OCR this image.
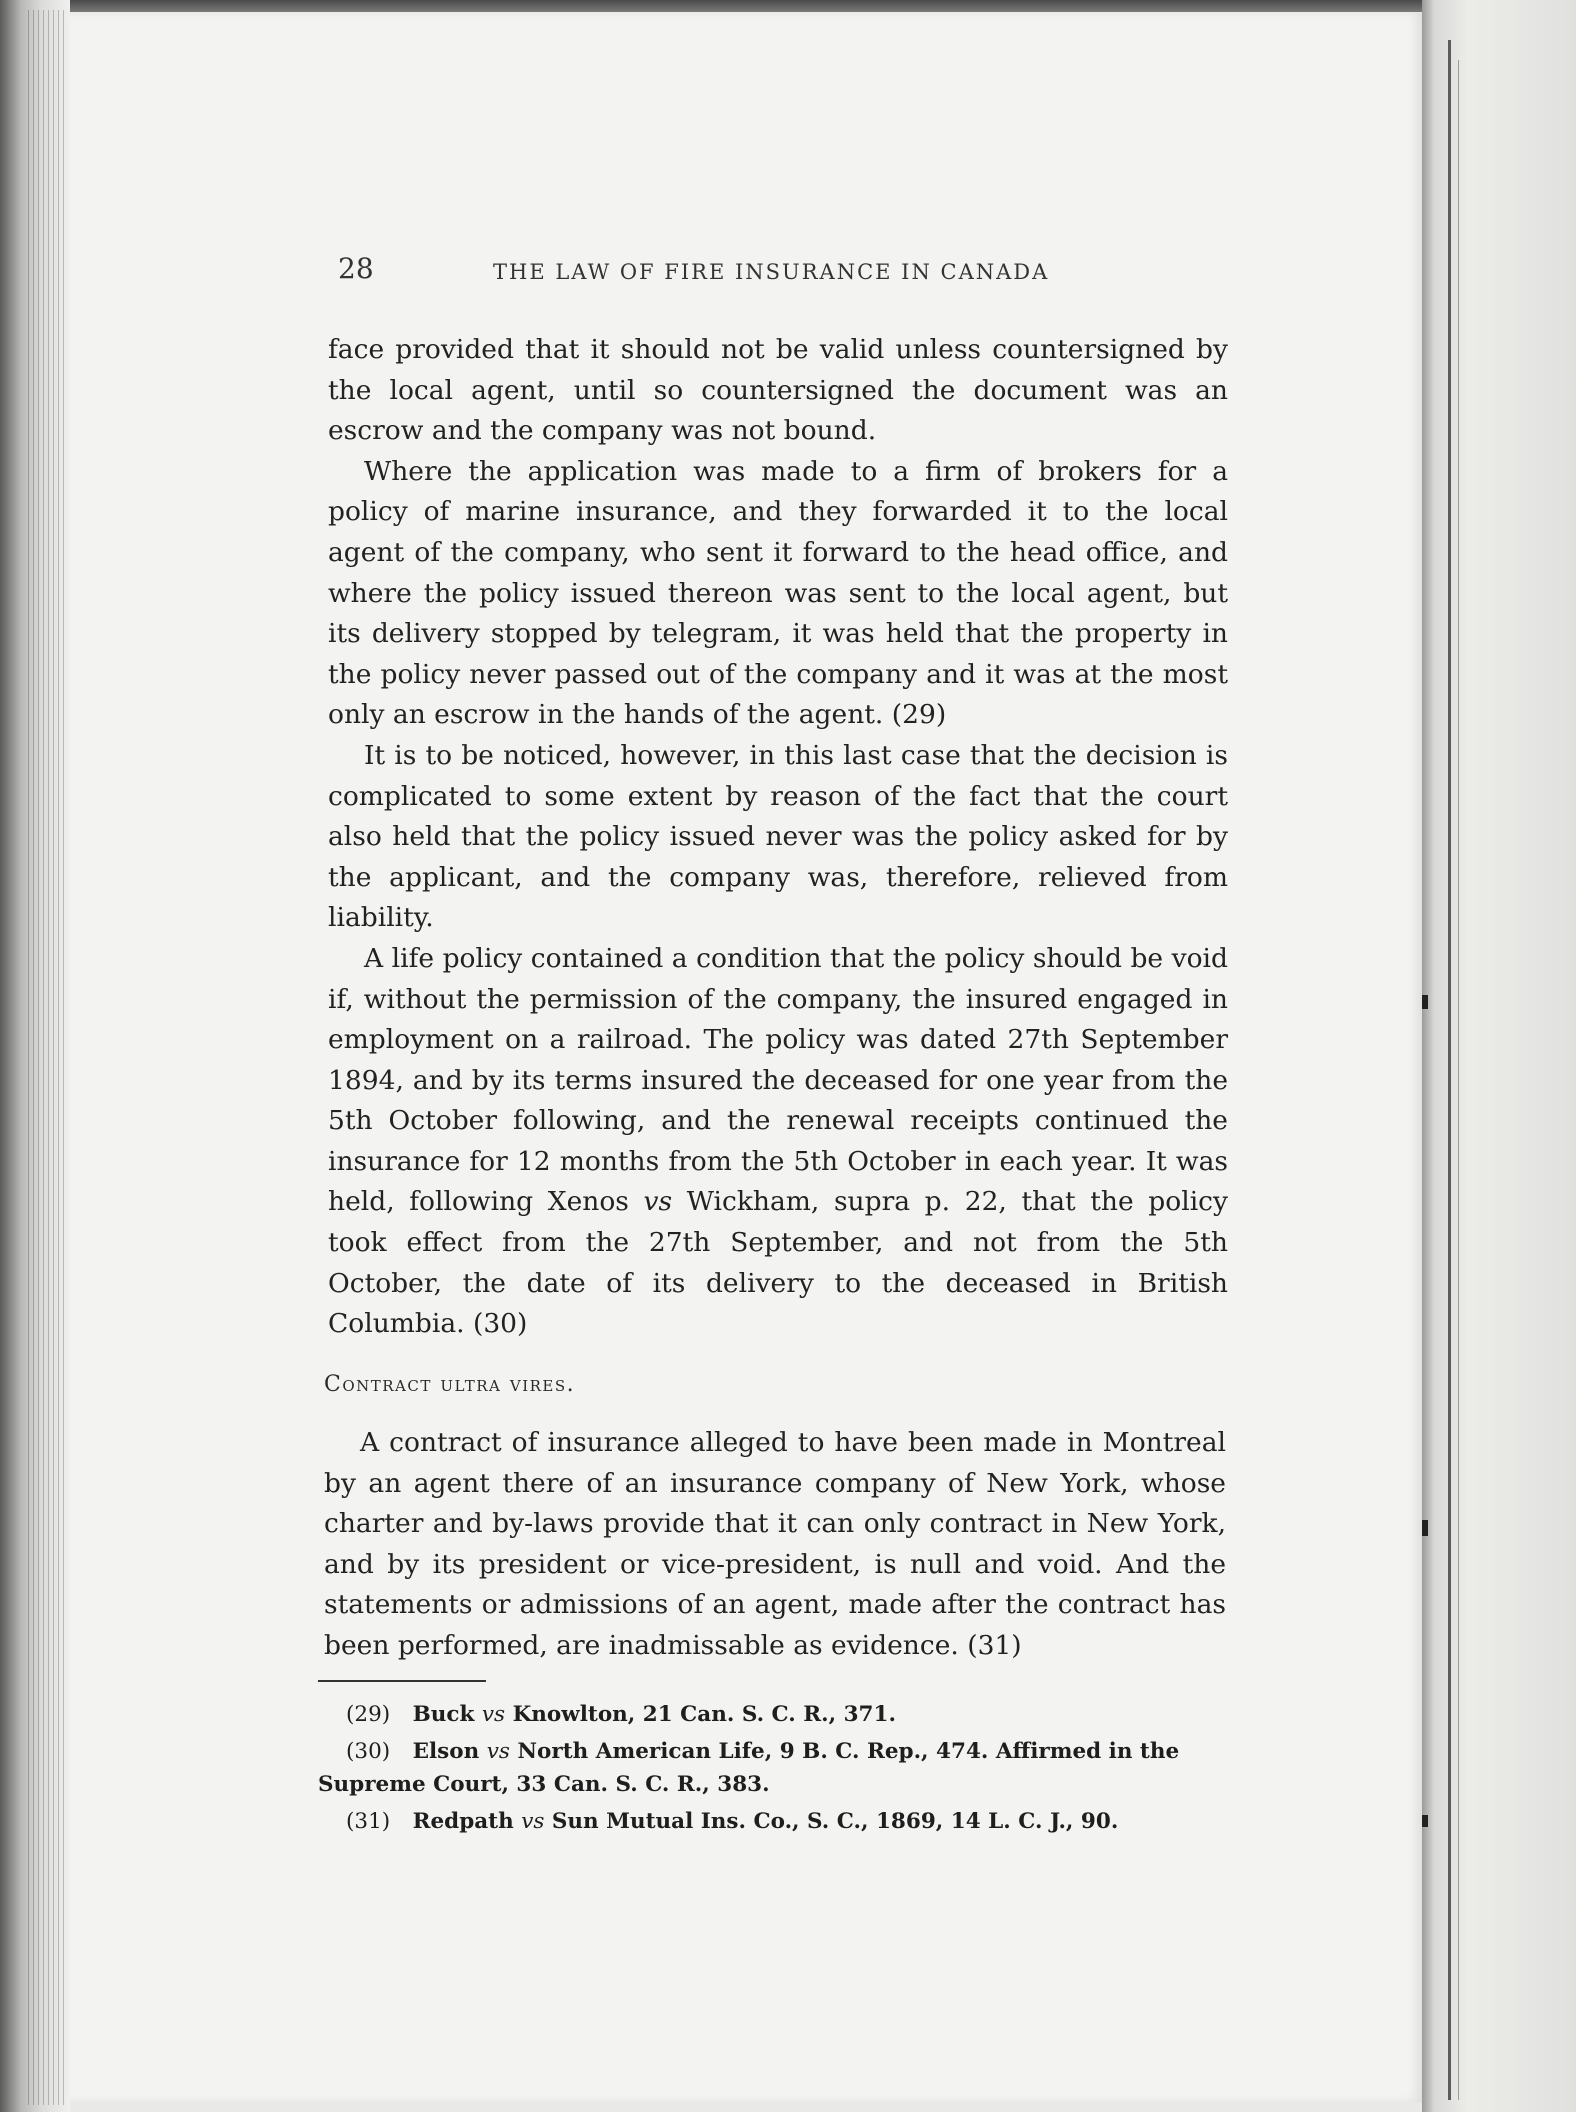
28	THE LAW OF FIRE INSURANCE IN CANADA

face provided that it should not be valid unless countersigned by the local agent, until so countersigned the document was an escrow and the company was not bound.

Where the application was made to a firm of brokers for a policy of marine insurance, and they forwarded it to the local agent of the company, who sent it forward to the head office, and where the policy issued thereon was sent to the local agent, but its delivery stopped by telegram, it was held that the property in the policy never passed out of the company and it was at the most only an escrow in the hands of the agent. (29)

It is to be noticed, however, in this last case that the decision is complicated to some extent by reason of the fact that the court also held that the policy issued never was the policy asked for by the applicant, and the company was, therefore, relieved from liability.

A life policy contained a condition that the policy should be void if, without the permission of the company, the insured engaged in employment on a railroad. The policy was dated 27th September 1894, and by its terms insured the deceased for one year from the 5th October following, and the renewal receipts continued the insurance for 12 months from the 5th October in each year. It was held, following Xenos vs Wickham, supra p. 22, that the policy took effect from the 27th September, and not from the 5th October, the date of its delivery to the deceased in British Columbia. (30)

Contract ultra vires.

A contract of insurance alleged to have been made in Montreal by an agent there of an insurance company of New York, whose charter and by-laws provide that it can only contract in New York, and by its president or vice-president, is null and void. And the statements or admissions of an agent, made after the contract has been performed, are inadmissable as evidence. (31)

(29) Buck vs Knowlton, 21 Can. S. C. R., 371.

(30) Elson vs North American Life, 9 B. C. Rep., 474. Affirmed in the Supreme Court, 33 Can. S. C. R., 383.

(31) Redpath vs Sun Mutual Ins. Co., S. C., 1869, 14 L. C. J., 90.
